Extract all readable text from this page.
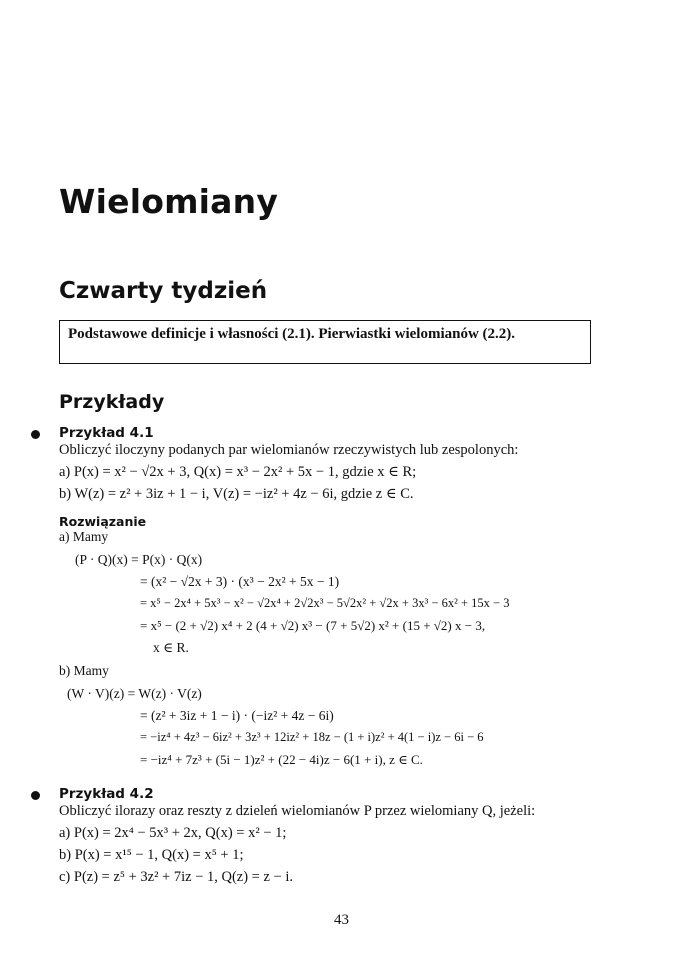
Wielomiany
Czwarty tydzień
Podstawowe definicje i własności (2.1). Pierwiastki wielomianów (2.2).
Przykłady
Przykład 4.1
Obliczyć iloczyny podanych par wielomianów rzeczywistych lub zespolonych:
a) P(x) = x² − √2x + 3, Q(x) = x³ − 2x² + 5x − 1, gdzie x ∈ R;
b) W(z) = z² + 3iz + 1 − i, V(z) = −iz² + 4z − 6i, gdzie z ∈ C.
Rozwiązanie
a) Mamy
(P · Q)(x) = P(x) · Q(x)
= (x² − √2x + 3) · (x³ − 2x² + 5x − 1)
= x⁵ − 2x⁴ + 5x³ − x² − √2x⁴ + 2√2x³ − 5√2x² + √2x + 3x³ − 6x² + 15x − 3
= x⁵ − (2 + √2) x⁴ + 2 (4 + √2) x³ − (7 + 5√2) x² + (15 + √2) x − 3,
x ∈ R.
b) Mamy
(W · V)(z) = W(z) · V(z)
= (z² + 3iz + 1 − i) · (−iz² + 4z − 6i)
= −iz⁴ + 4z³ − 6iz² + 3z³ + 12iz² + 18z − (1 + i)z² + 4(1 − i)z − 6i − 6
= −iz⁴ + 7z³ + (5i − 1)z² + (22 − 4i)z − 6(1 + i), z ∈ C.
Przykład 4.2
Obliczyć ilorazy oraz reszty z dzieleń wielomianów P przez wielomiany Q, jeżeli:
a) P(x) = 2x⁴ − 5x³ + 2x, Q(x) = x² − 1;
b) P(x) = x¹⁵ − 1, Q(x) = x⁵ + 1;
c) P(z) = z⁵ + 3z² + 7iz − 1, Q(z) = z − i.
43
